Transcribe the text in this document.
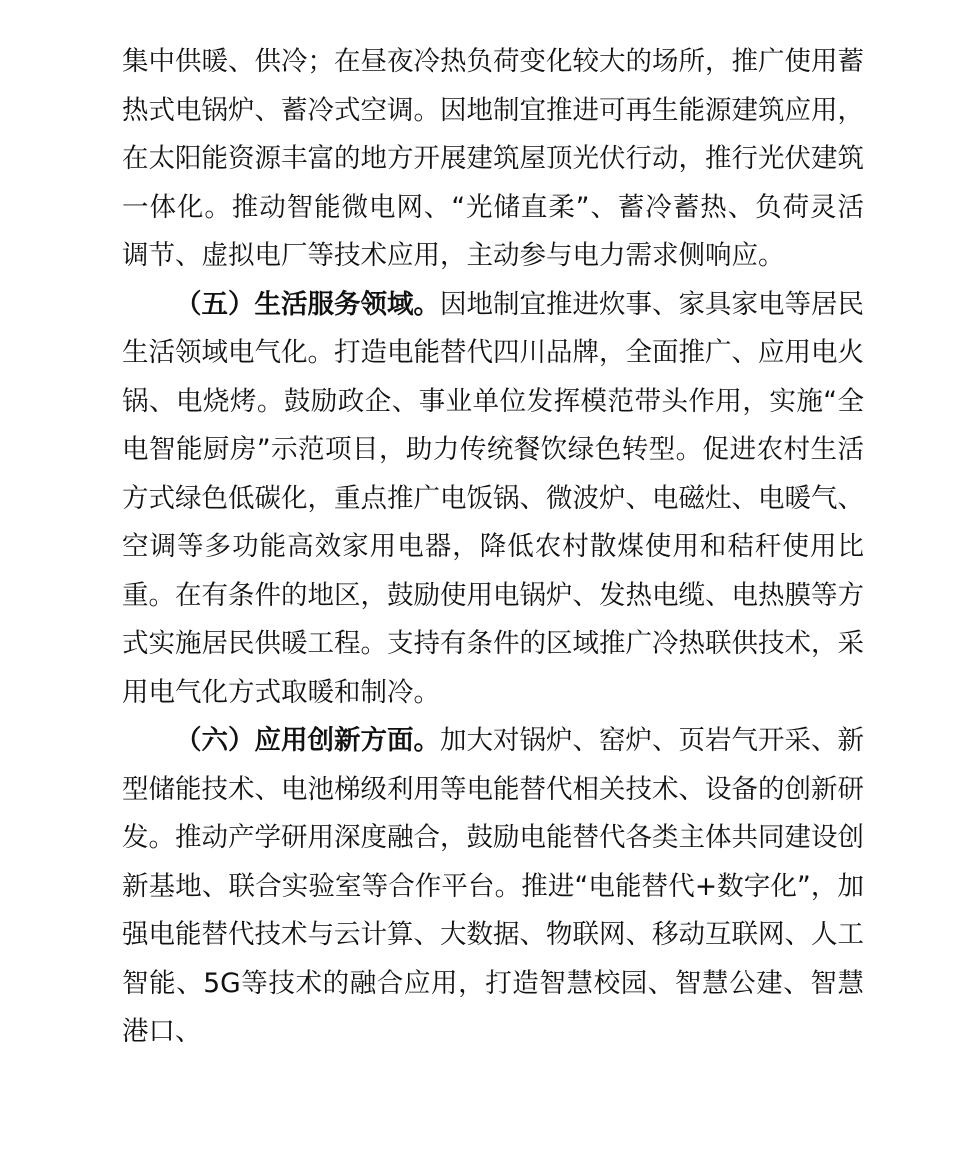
集中供暖、供冷；在昼夜冷热负荷变化较大的场所，推广使用蓄热式电锅炉、蓄冷式空调。因地制宜推进可再生能源建筑应用，在太阳能资源丰富的地方开展建筑屋顶光伏行动，推行光伏建筑一体化。推动智能微电网、“光储直柔”、蓄冷蓄热、负荷灵活调节、虚拟电厂等技术应用，主动参与电力需求侧响应。

（五）生活服务领域。因地制宜推进炊事、家具家电等居民生活领域电气化。打造电能替代四川品牌，全面推广、应用电火锅、电烧烤。鼓励政企、事业单位发挥模范带头作用，实施“全电智能厨房”示范项目，助力传统餐饮绿色转型。促进农村生活方式绿色低碳化，重点推广电饭锅、微波炉、电磁灶、电暖气、空调等多功能高效家用电器，降低农村散煤使用和秸秆使用比重。在有条件的地区，鼓励使用电锅炉、发热电缆、电热膜等方式实施居民供暖工程。支持有条件的区域推广冷热联供技术，采用电气化方式取暖和制冷。

（六）应用创新方面。加大对锅炉、窑炉、页岩气开采、新型储能技术、电池梯级利用等电能替代相关技术、设备的创新研发。推动产学研用深度融合，鼓励电能替代各类主体共同建设创新基地、联合实验室等合作平台。推进“电能替代+数字化”，加强电能替代技术与云计算、大数据、物联网、移动互联网、人工智能、5G等技术的融合应用，打造智慧校园、智慧公建、智慧港口、
